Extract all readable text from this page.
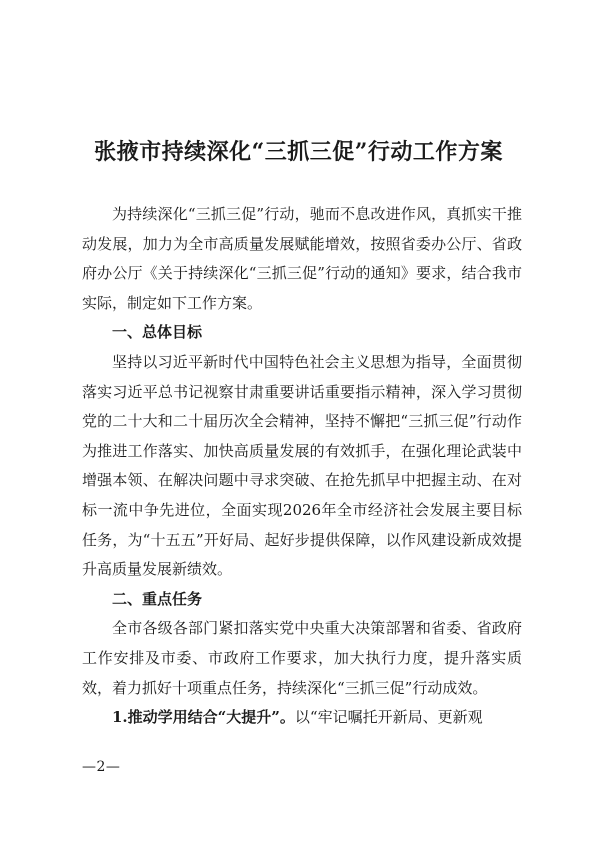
张掖市持续深化“三抓三促”行动工作方案

为持续深化“三抓三促”行动，驰而不息改进作风，真抓实干推动发展，加力为全市高质量发展赋能增效，按照省委办公厅、省政府办公厅《关于持续深化“三抓三促”行动的通知》要求，结合我市实际，制定如下工作方案。

一、总体目标

坚持以习近平新时代中国特色社会主义思想为指导，全面贯彻落实习近平总书记视察甘肃重要讲话重要指示精神，深入学习贯彻党的二十大和二十届历次全会精神，坚持不懈把“三抓三促”行动作为推进工作落实、加快高质量发展的有效抓手，在强化理论武装中增强本领、在解决问题中寻求突破、在抢先抓早中把握主动、在对标一流中争先进位，全面实现2026年全市经济社会发展主要目标任务，为“十五五”开好局、起好步提供保障，以作风建设新成效提升高质量发展新绩效。

二、重点任务

全市各级各部门紧扣落实党中央重大决策部署和省委、省政府工作安排及市委、市政府工作要求，加大执行力度，提升落实质效，着力抓好十项重点任务，持续深化“三抓三促”行动成效。

1.推动学用结合“大提升”。以“牢记嘱托开新局、更新观

—2—
